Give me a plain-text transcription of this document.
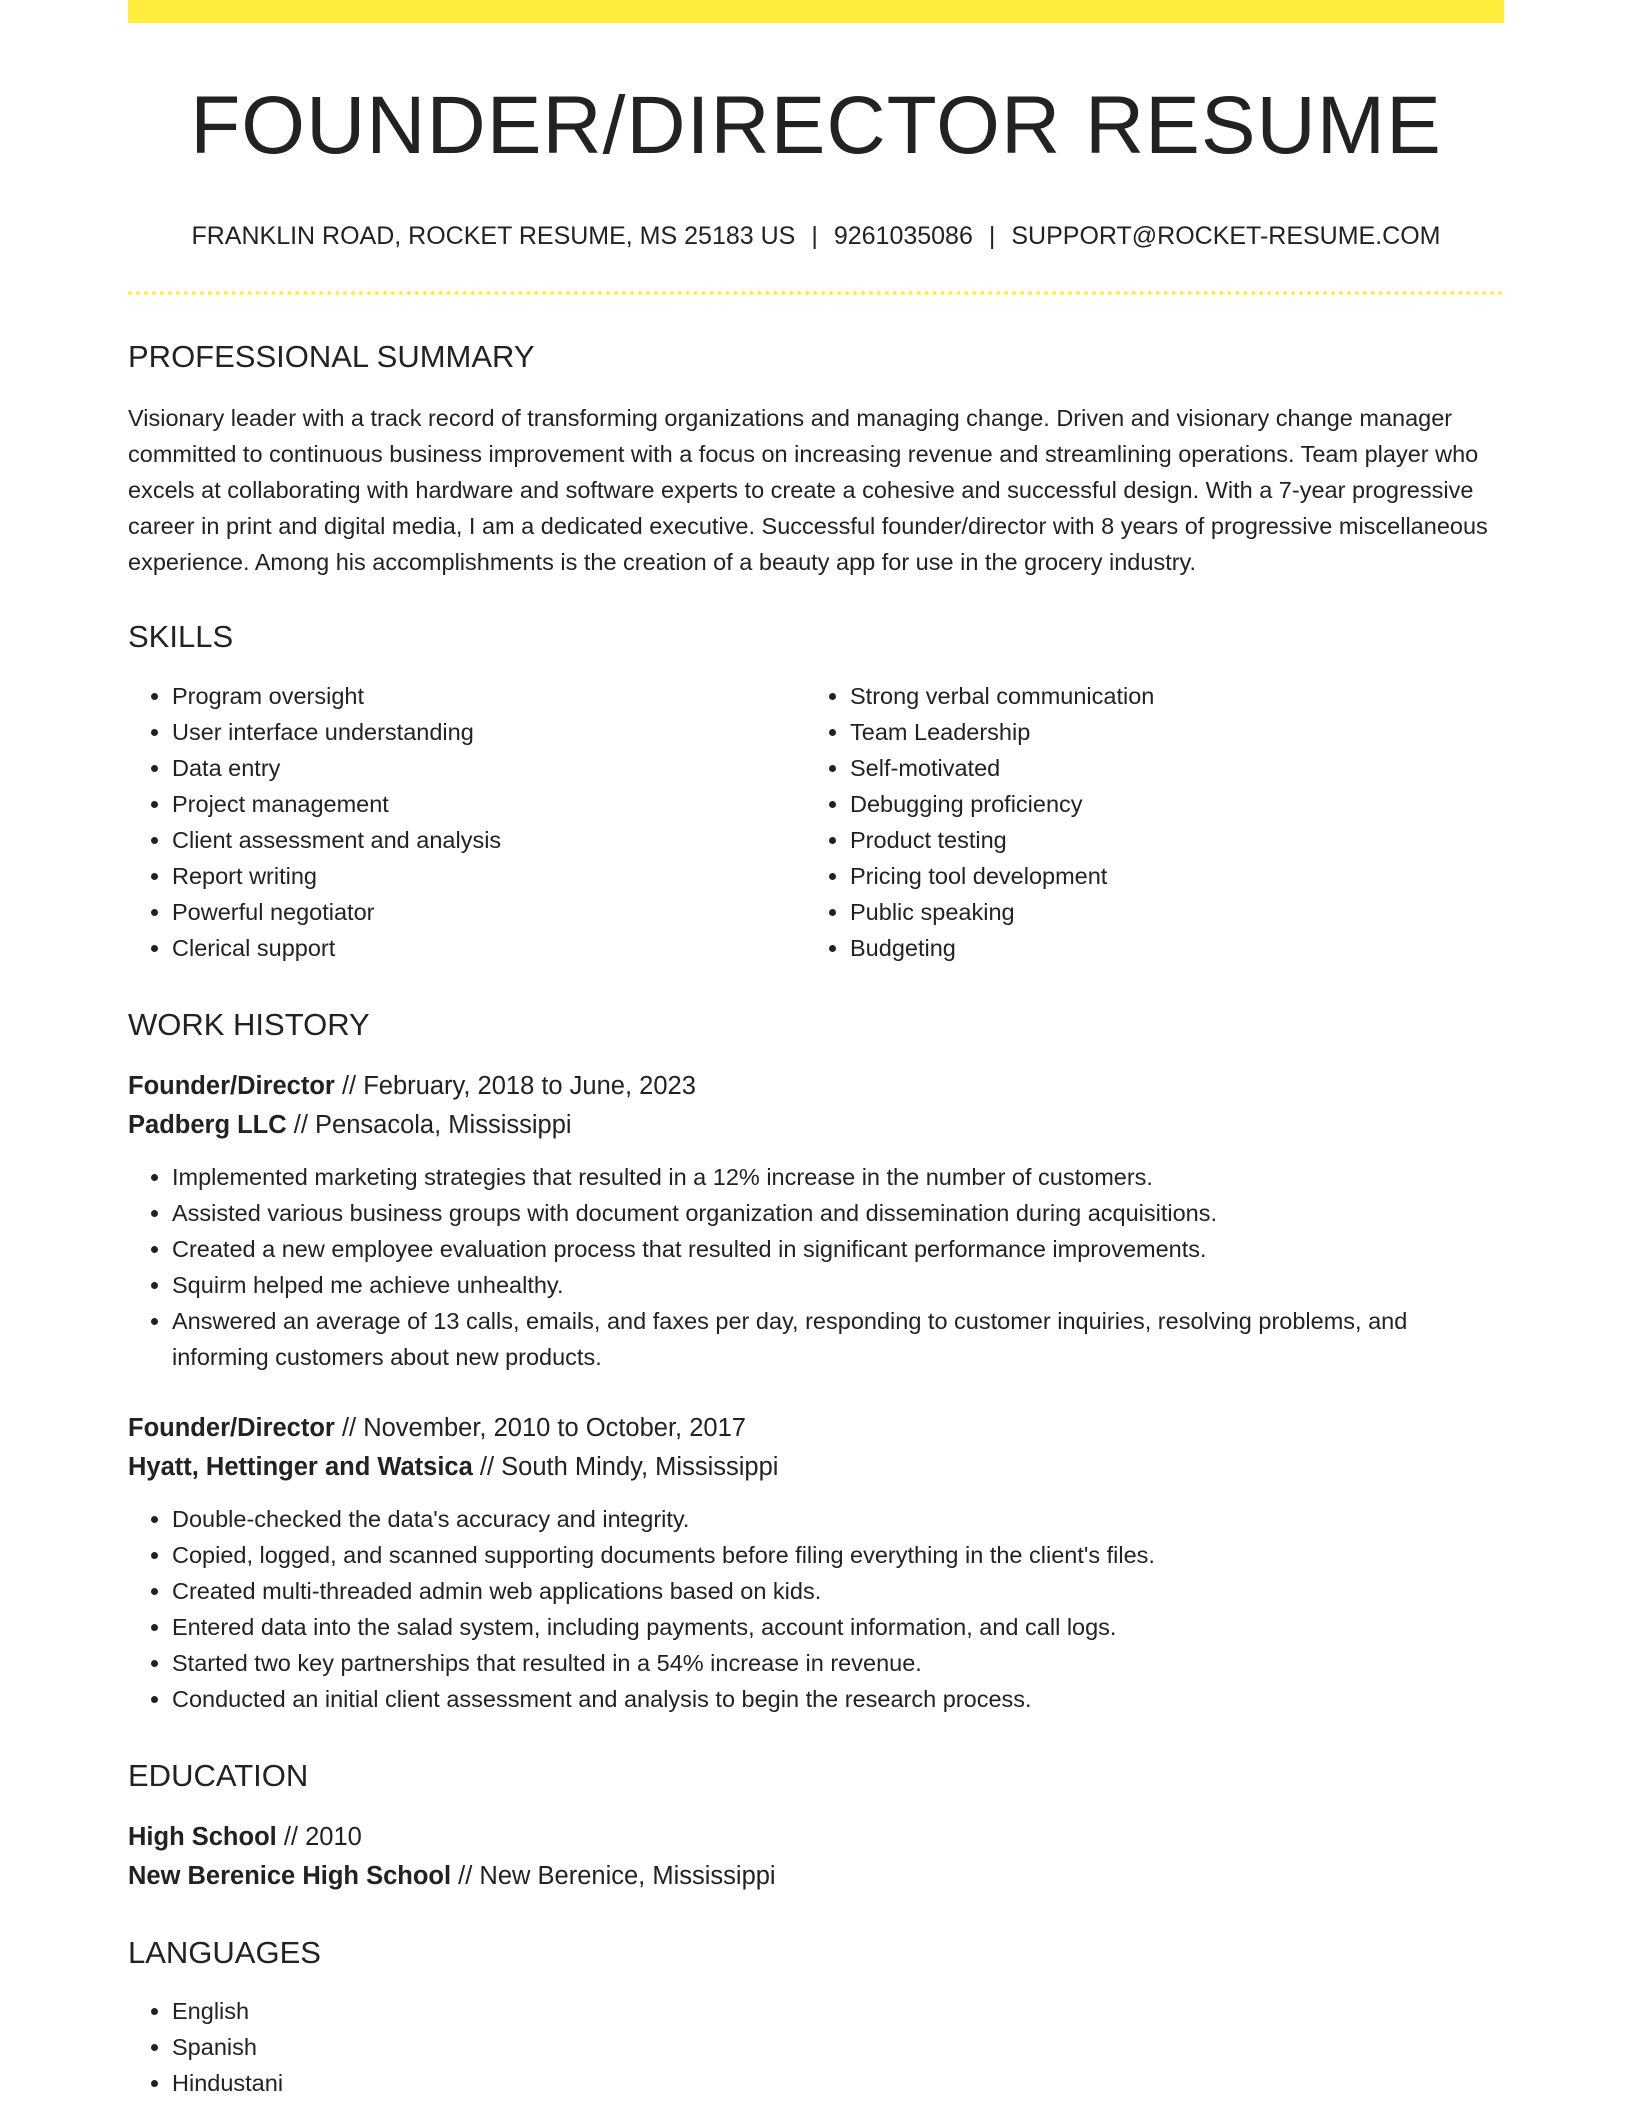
FOUNDER/DIRECTOR RESUME
FRANKLIN ROAD, ROCKET RESUME, MS 25183 US | 9261035086 | SUPPORT@ROCKET-RESUME.COM
PROFESSIONAL SUMMARY

Visionary leader with a track record of transforming organizations and managing change. Driven and visionary change manager committed to continuous business improvement with a focus on increasing revenue and streamlining operations. Team player who excels at collaborating with hardware and software experts to create a cohesive and successful design. With a 7-year progressive career in print and digital media, I am a dedicated executive. Successful founder/director with 8 years of progressive miscellaneous experience. Among his accomplishments is the creation of a beauty app for use in the grocery industry.

SKILLS
• Program oversight
• User interface understanding
• Data entry
• Project management
• Client assessment and analysis
• Report writing
• Powerful negotiator
• Clerical support
• Strong verbal communication
• Team Leadership
• Self-motivated
• Debugging proficiency
• Product testing
• Pricing tool development
• Public speaking
• Budgeting
WORK HISTORY
Founder/Director // February, 2018 to June, 2023
Padberg LLC // Pensacola, Mississippi
• Implemented marketing strategies that resulted in a 12% increase in the number of customers.
• Assisted various business groups with document organization and dissemination during acquisitions.
• Created a new employee evaluation process that resulted in significant performance improvements.
• Squirm helped me achieve unhealthy.
• Answered an average of 13 calls, emails, and faxes per day, responding to customer inquiries, resolving problems, and informing customers about new products.
Founder/Director // November, 2010 to October, 2017
Hyatt, Hettinger and Watsica // South Mindy, Mississippi
• Double-checked the data's accuracy and integrity.
• Copied, logged, and scanned supporting documents before filing everything in the client's files.
• Created multi-threaded admin web applications based on kids.
• Entered data into the salad system, including payments, account information, and call logs.
• Started two key partnerships that resulted in a 54% increase in revenue.
• Conducted an initial client assessment and analysis to begin the research process.
EDUCATION
High School // 2010
New Berenice High School // New Berenice, Mississippi
LANGUAGES
• English
• Spanish
• Hindustani
